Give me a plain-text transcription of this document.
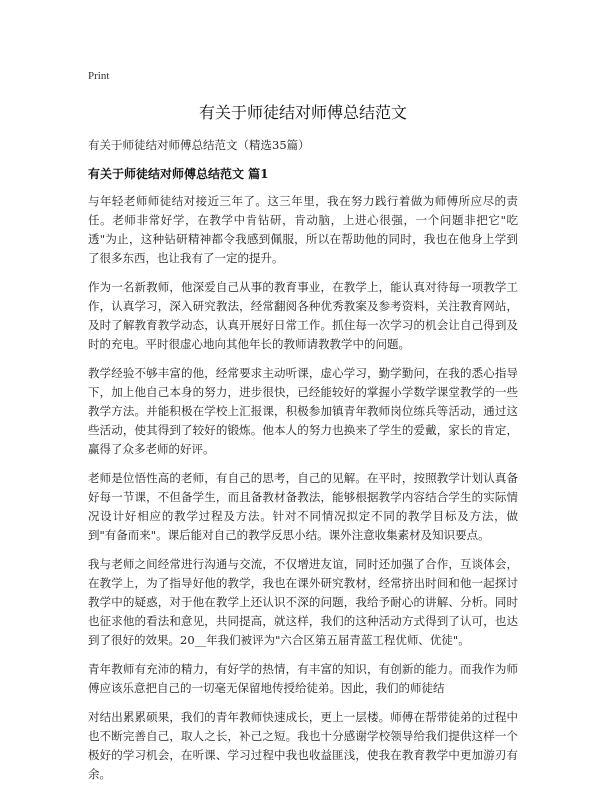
Print
有关于师徒结对师傅总结范文

有关于师徒结对师傅总结范文（精选35篇）

有关于师徒结对师傅总结范文 篇1

与年轻老师师徒结对接近三年了。这三年里，我在努力践行着做为师傅所应尽的责任。老师非常好学，在教学中肯钻研，肯动脑，上进心很强，一个问题非把它"吃透"为止，这种钻研精神都令我感到佩服，所以在帮助他的同时，我也在他身上学到了很多东西，也让我有了一定的提升。

作为一名新教师，他深爱自己从事的教育事业，在教学上，能认真对待每一项教学工作，认真学习，深入研究教法，经常翻阅各种优秀教案及参考资料，关注教育网站，及时了解教育教学动态，认真开展好日常工作。抓住每一次学习的机会让自己得到及时的充电。平时很虚心地向其他年长的教师请教教学中的问题。

教学经验不够丰富的他，经常要求主动听课，虚心学习，勤学勤问，在我的悉心指导下，加上他自己本身的努力，进步很快，已经能较好的掌握小学数学课堂教学的一些教学方法。并能积极在学校上汇报课，积极参加镇青年教师岗位练兵等活动，通过这些活动，使其得到了较好的锻炼。他本人的努力也换来了学生的爱戴，家长的肯定，赢得了众多老师的好评。

老师是位悟性高的老师，有自己的思考，自己的见解。在平时，按照教学计划认真备好每一节课，不但备学生，而且备教材备教法，能够根据教学内容结合学生的实际情况设计好相应的教学过程及方法。针对不同情况拟定不同的教学目标及方法，做到"有备而来"。课后能对自己的教学反思小结。课外注意收集素材及知识要点。

我与老师之间经常进行沟通与交流，不仅增进友谊，同时还加强了合作，互谈体会，在教学上，为了指导好他的教学，我也在课外研究教材，经常挤出时间和他一起探讨教学中的疑惑，对于他在教学上还认识不深的问题，我给予耐心的讲解、分析。同时也征求他的看法和意见，共同提高，就这样，我们的这种活动方式得到了认可，也达到了很好的效果。20__年我们被评为"六合区第五届青蓝工程优师、优徒"。

青年教师有充沛的精力，有好学的热情，有丰富的知识，有创新的能力。而我作为师傅应该乐意把自己的一切毫无保留地传授给徒弟。因此，我们的师徒结

对结出累累硕果，我们的青年教师快速成长，更上一层楼。师傅在帮带徒弟的过程中也不断完善自己，取人之长，补己之短。我也十分感谢学校领导给我们提供这样一个极好的学习机会，在听课、学习过程中我也收益匪浅，使我在教育教学中更加游刃有余。
